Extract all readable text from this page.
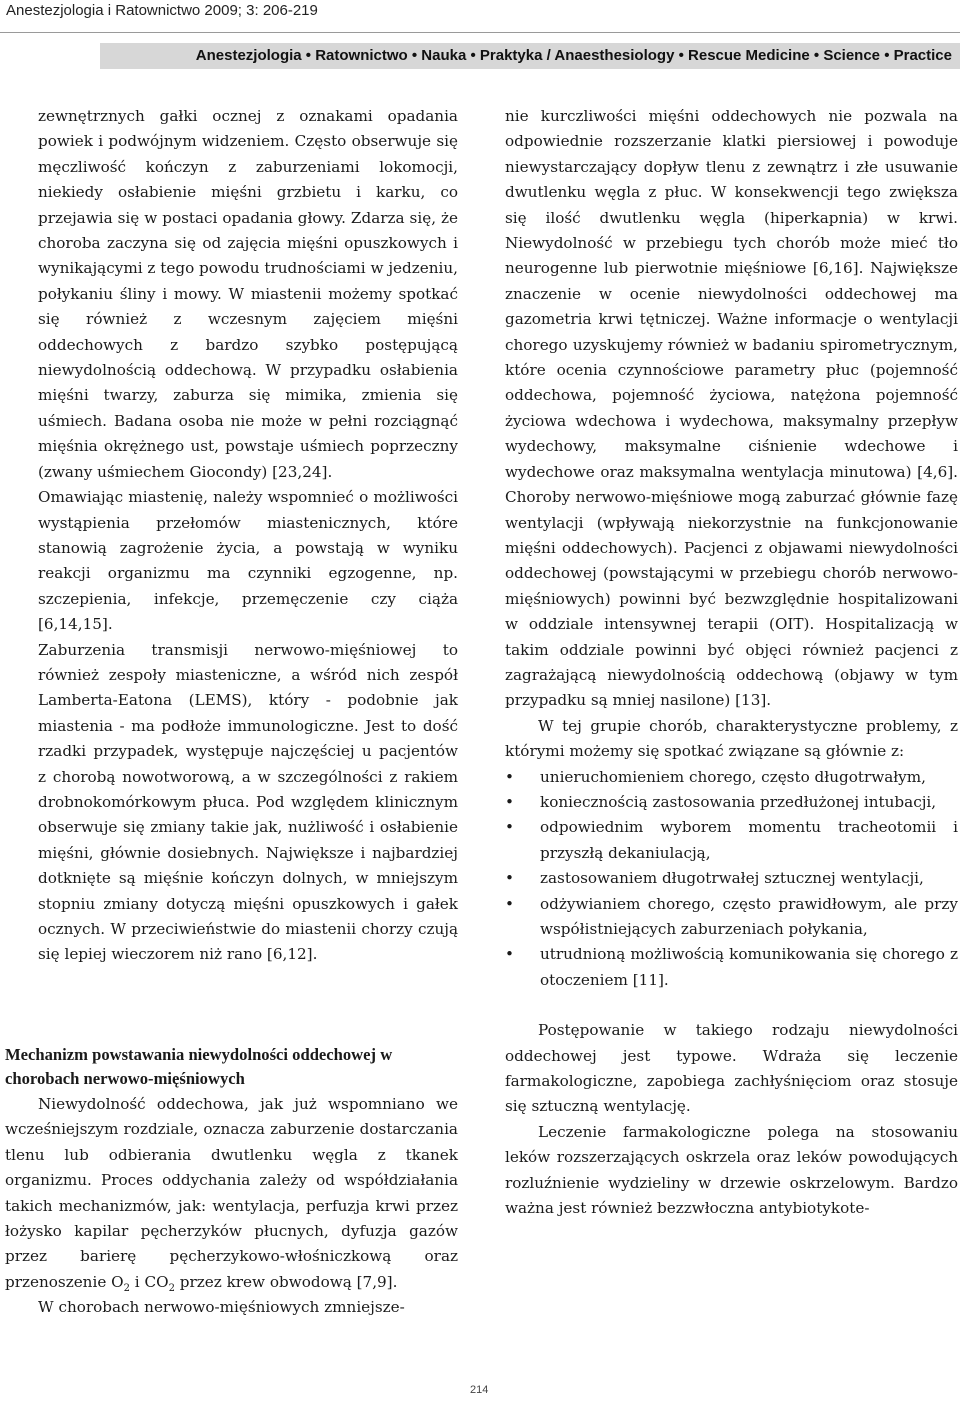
Anestezjologia i Ratownictwo 2009; 3: 206-219
Anestezjologia • Ratownictwo • Nauka • Praktyka / Anaesthesiology • Rescue Medicine • Science • Practice

zewnętrznych gałki ocznej z oznakami opadania powiek i podwójnym widzeniem. Często obserwuje się męczliwość kończyn z zaburzeniami lokomocji, niekiedy osłabienie mięśni grzbietu i karku, co przejawia się w postaci opadania głowy. Zdarza się, że choroba zaczyna się od zajęcia mięśni opuszkowych i wynikającymi z tego powodu trudnościami w jedzeniu, połykaniu śliny i mowy. W miastenii możemy spotkać się również z wczesnym zajęciem mięśni oddechowych z bardzo szybko postępującą niewydolnością oddechową. W przypadku osłabienia mięśni twarzy, zaburza się mimika, zmienia się uśmiech. Badana osoba nie może w pełni rozciągnąć mięśnia okrężnego ust, powstaje uśmiech poprzeczny (zwany uśmiechem Giocondy) [23,24].

Omawiając miastenię, należy wspomnieć o możliwości wystąpienia przełomów miastenicznych, które stanowią zagrożenie życia, a powstają w wyniku reakcji organizmu ma czynniki egzogenne, np. szczepienia, infekcje, przemęczenie czy ciąża [6,14,15].

Zaburzenia transmisji nerwowo-mięśniowej to również zespoły miasteniczne, a wśród nich zespół Lamberta-Eatona (LEMS), który - podobnie jak miastenia - ma podłoże immunologiczne. Jest to dość rzadki przypadek, występuje najczęściej u pacjentów z chorobą nowotworową, a w szczególności z rakiem drobnokomórkowym płuca. Pod względem klinicznym obserwuje się zmiany takie jak, nużliwość i osłabienie mięśni, głównie dosiebnych. Największe i najbardziej dotknięte są mięśnie kończyn dolnych, w mniejszym stopniu zmiany dotyczą mięśni opuszkowych i gałek ocznych. W przeciwieństwie do miastenii chorzy czują się lepiej wieczorem niż rano [6,12].

Mechanizm powstawania niewydolności oddechowej w chorobach nerwowo-mięśniowych

Niewydolność oddechowa, jak już wspomniano we wcześniejszym rozdziale, oznacza zaburzenie dostarczania tlenu lub odbierania dwutlenku węgla z tkanek organizmu. Proces oddychania zależy od współdziałania takich mechanizmów, jak: wentylacja, perfuzja krwi przez łożysko kapilar pęcherzyków płucnych, dyfuzja gazów przez barierę pęcherzykowo-włośniczkową oraz przenoszenie $O_2$ i $CO_2$ przez krew obwodową [7,9].

W chorobach nerwowo-mięśniowych zmniejsze-

nie kurczliwości mięśni oddechowych nie pozwala na odpowiednie rozszerzanie klatki piersiowej i powoduje niewystarczający dopływ tlenu z zewnątrz i złe usuwanie dwutlenku węgla z płuc. W konsekwencji tego zwiększa się ilość dwutlenku węgla (hiperkapnia) w krwi. Niewydolność w przebiegu tych chorób może mieć tło neurogenne lub pierwotnie mięśniowe [6,16]. Największe znaczenie w ocenie niewydolności oddechowej ma gazometria krwi tętniczej. Ważne informacje o wentylacji chorego uzyskujemy również w badaniu spirometrycznym, które ocenia czynnościowe parametry płuc (pojemność oddechowa, pojemność życiowa, natężona pojemność życiowa wdechowa i wydechowa, maksymalny przepływ wydechowy, maksymalne ciśnienie wdechowe i wydechowe oraz maksymalna wentylacja minutowa) [4,6]. Choroby nerwowo-mięśniowe mogą zaburzać głównie fazę wentylacji (wpływają niekorzystnie na funkcjonowanie mięśni oddechowych). Pacjenci z objawami niewydolności oddechowej (powstającymi w przebiegu chorób nerwowo-mięśniowych) powinni być bezwzględnie hospitalizowani w oddziale intensywnej terapii (OIT). Hospitalizacją w takim oddziale powinni być objęci również pacjenci z zagrażającą niewydolnością oddechową (objawy w tym przypadku są mniej nasilone) [13].

W tej grupie chorób, charakterystyczne problemy, z którymi możemy się spotkać związane są głównie z:

• unieruchomieniem chorego, często długotrwałym,
• koniecznością zastosowania przedłużonej intubacji,
• odpowiednim wyborem momentu tracheotomii i przyszłą dekaniulacją,
• zastosowaniem długotrwałej sztucznej wentylacji,
• odżywianiem chorego, często prawidłowym, ale przy współistniejących zaburzeniach połykania,
• utrudnioną możliwością komunikowania się chorego z otoczeniem [11].

Postępowanie w takiego rodzaju niewydolności oddechowej jest typowe. Wdraża się leczenie farmakologiczne, zapobiega zachłyśnięciom oraz stosuje się sztuczną wentylację.

Leczenie farmakologiczne polega na stosowaniu leków rozszerzających oskrzela oraz leków powodujących rozluźnienie wydzieliny w drzewie oskrzelowym. Bardzo ważna jest również bezzwłoczna antybiotykote-

214
